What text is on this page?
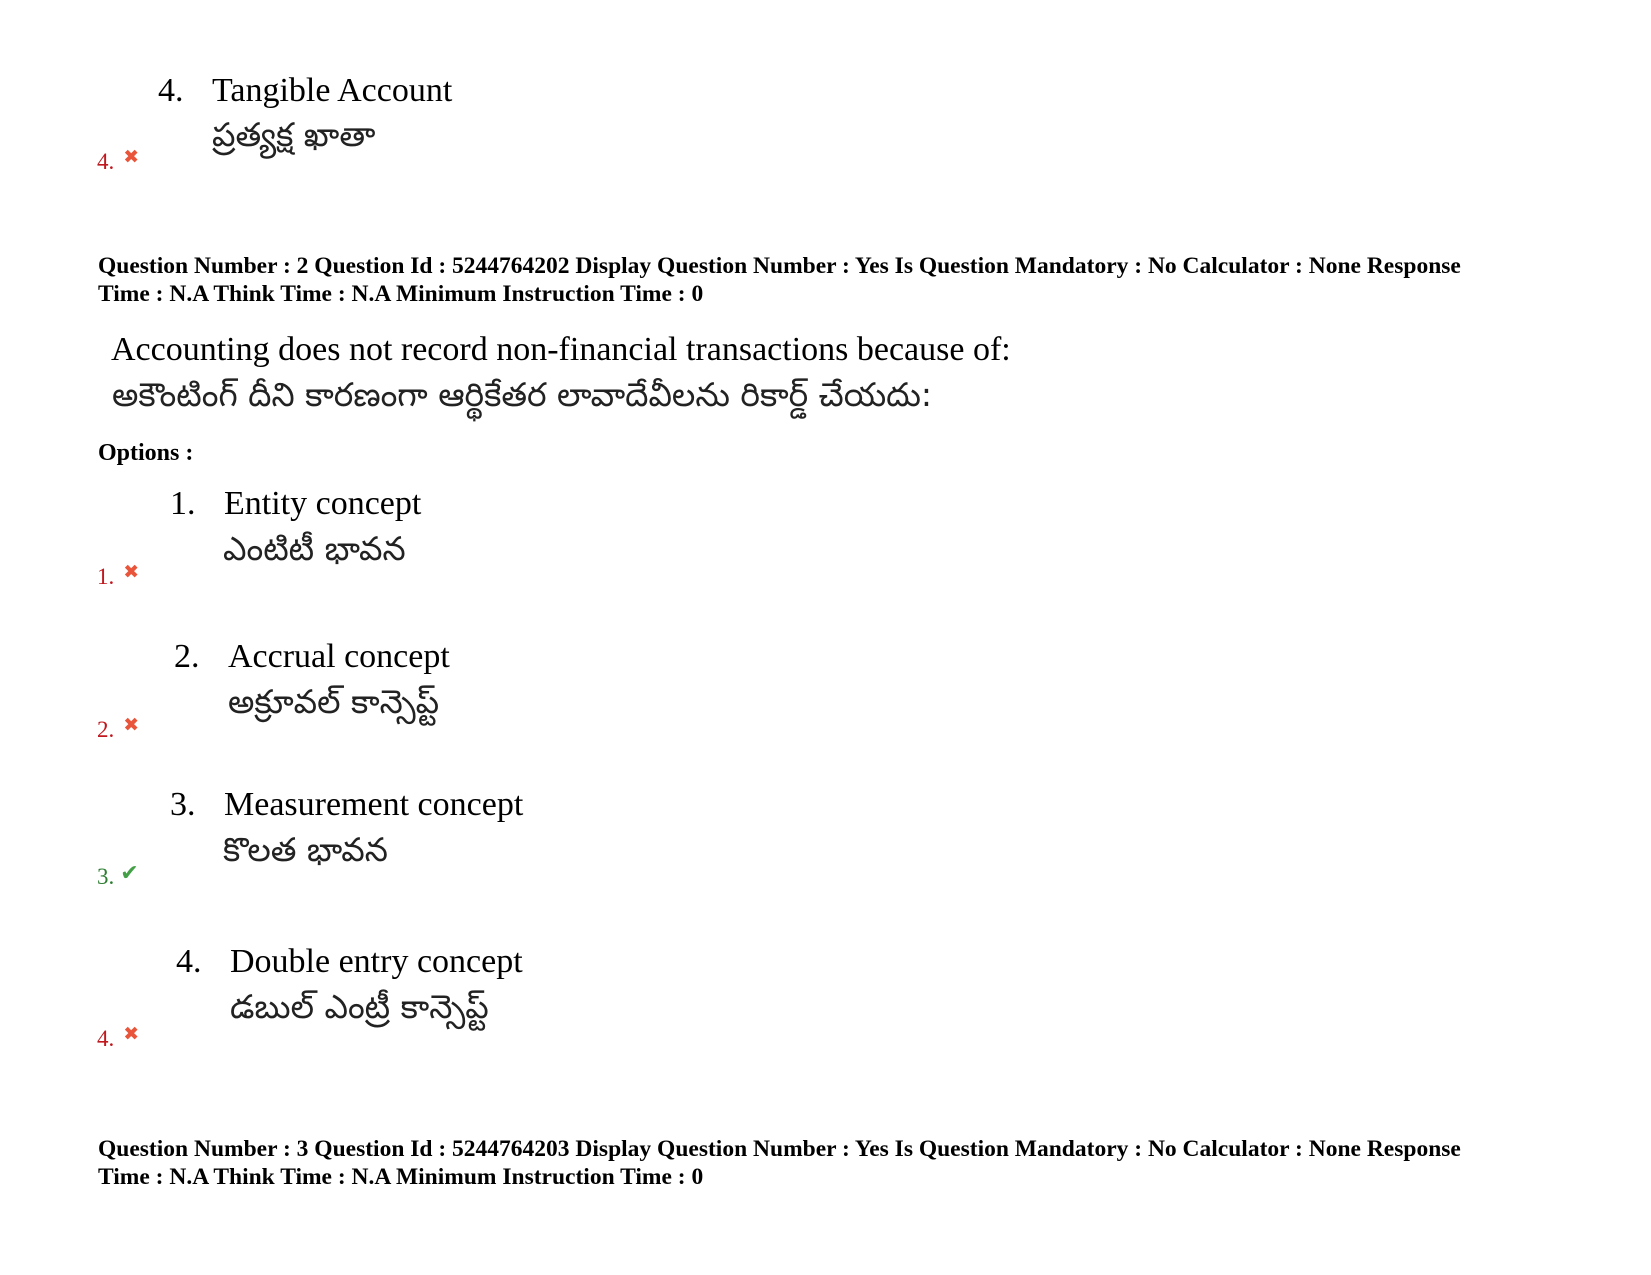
4. Tangible Account
ప్రత్యక్ష ఖాతా
4. ✖
Question Number : 2 Question Id : 5244764202 Display Question Number : Yes Is Question Mandatory : No Calculator : None Response
Time : N.A Think Time : N.A Minimum Instruction Time : 0
Accounting does not record non-financial transactions because of:
అకౌంటింగ్ దీని కారణంగా ఆర్థికేతర లావాదేవీలను రికార్డ్ చేయదు:
Options :
1. Entity concept
ఎంటిటీ భావన
1. ✖
2. Accrual concept
అక్రూవల్ కాన్సెప్ట్
2. ✖
3. Measurement concept
కొలత భావన
3. ✔
4. Double entry concept
డబుల్ ఎంట్రీ కాన్సెప్ట్
4. ✖
Question Number : 3 Question Id : 5244764203 Display Question Number : Yes Is Question Mandatory : No Calculator : None Response
Time : N.A Think Time : N.A Minimum Instruction Time : 0
